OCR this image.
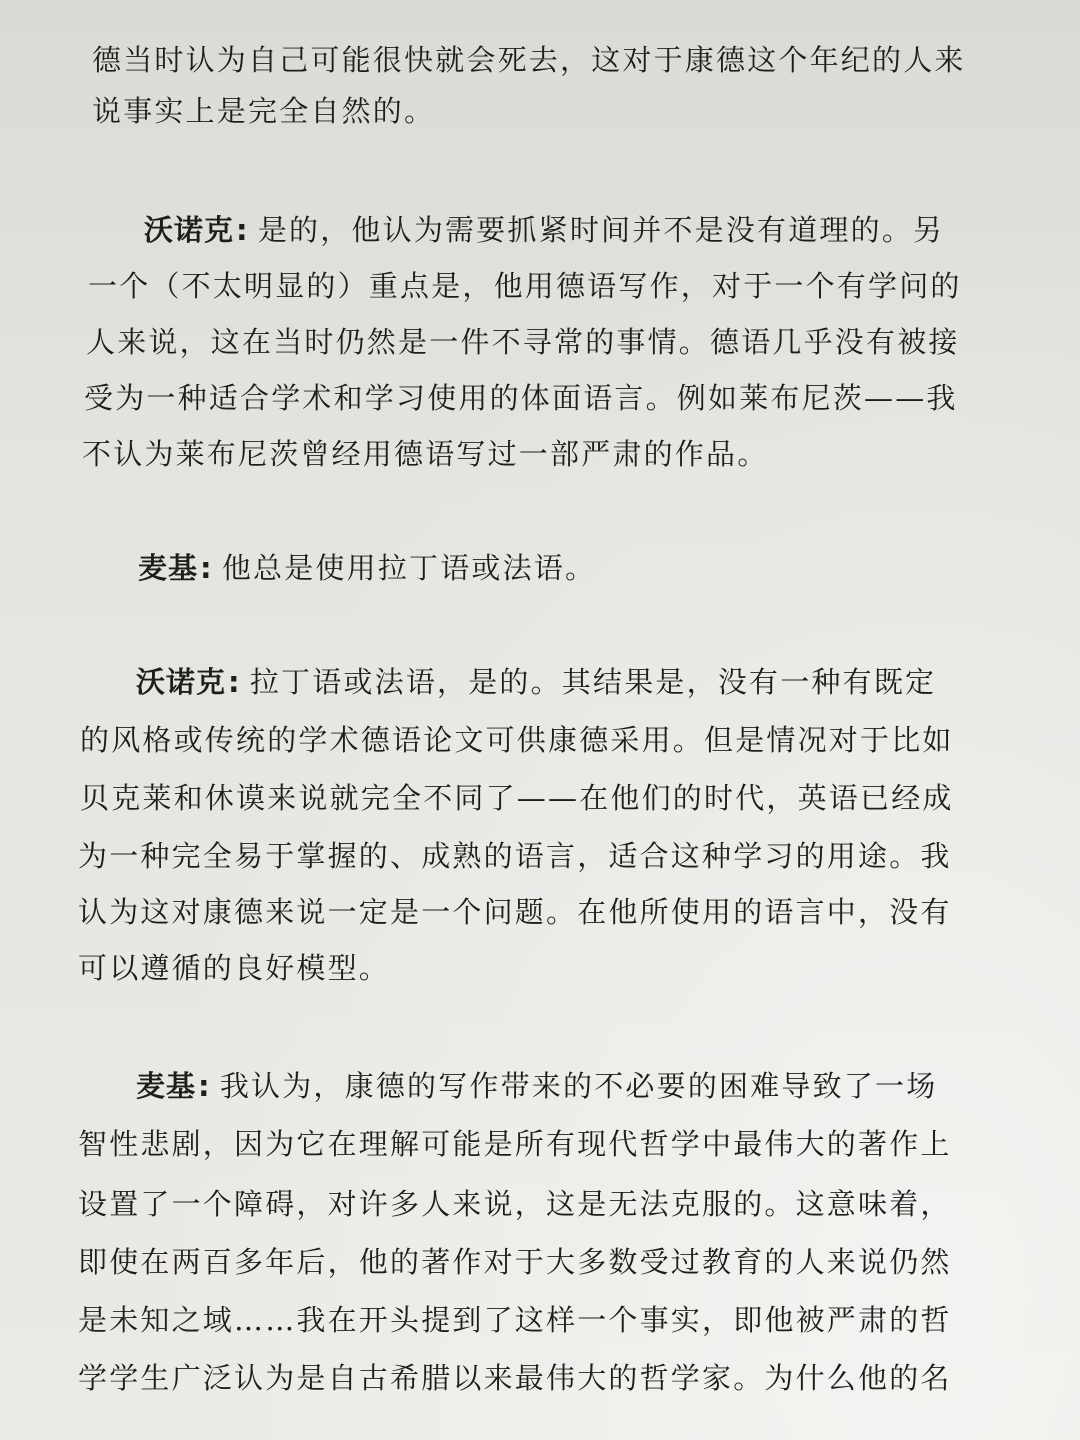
德当时认为自己可能很快就会死去，这对于康德这个年纪的人来
说事实上是完全自然的。
沃诺克: 是的，他认为需要抓紧时间并不是没有道理的。另
一个（不太明显的）重点是，他用德语写作，对于一个有学问的
人来说，这在当时仍然是一件不寻常的事情。德语几乎没有被接
受为一种适合学术和学习使用的体面语言。例如莱布尼茨——我
不认为莱布尼茨曾经用德语写过一部严肃的作品。
麦基: 他总是使用拉丁语或法语。
沃诺克: 拉丁语或法语，是的。其结果是，没有一种有既定
的风格或传统的学术德语论文可供康德采用。但是情况对于比如
贝克莱和休谟来说就完全不同了——在他们的时代，英语已经成
为一种完全易于掌握的、成熟的语言，适合这种学习的用途。我
认为这对康德来说一定是一个问题。在他所使用的语言中，没有
可以遵循的良好模型。
麦基: 我认为，康德的写作带来的不必要的困难导致了一场
智性悲剧，因为它在理解可能是所有现代哲学中最伟大的著作上
设置了一个障碍，对许多人来说，这是无法克服的。这意味着，
即使在两百多年后，他的著作对于大多数受过教育的人来说仍然
是未知之域……我在开头提到了这样一个事实，即他被严肃的哲
学学生广泛认为是自古希腊以来最伟大的哲学家。为什么他的名
